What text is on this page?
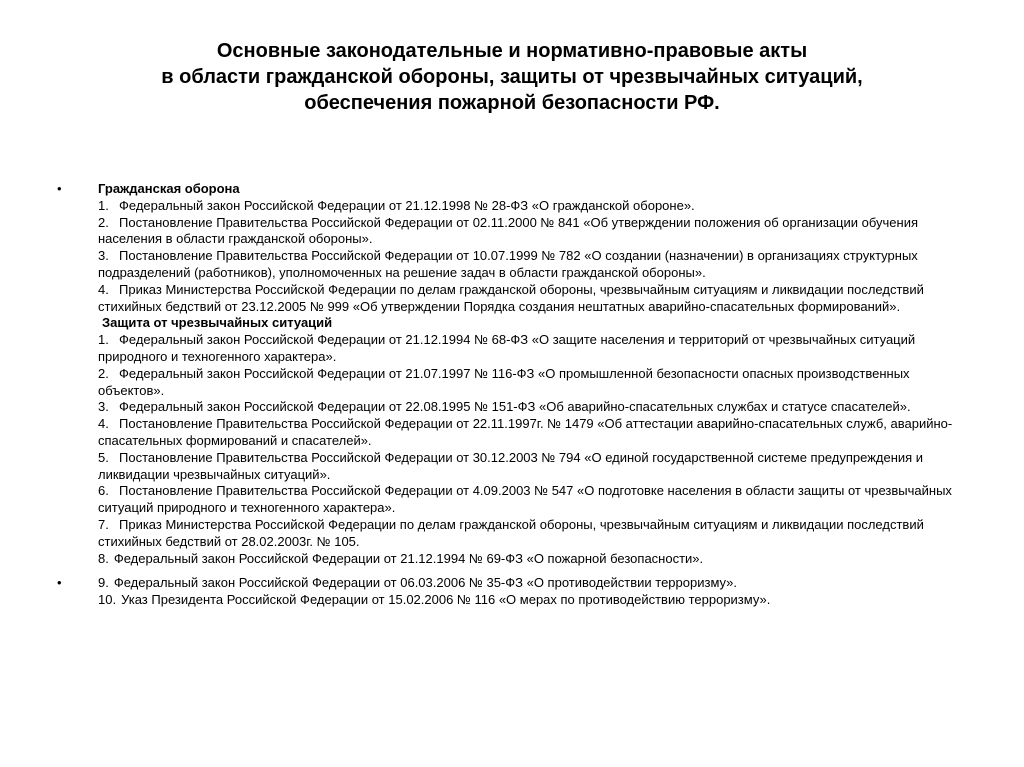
Основные законодательные и нормативно-правовые акты
в области гражданской обороны, защиты от чрезвычайных ситуаций,
обеспечения пожарной безопасности РФ.
•	Гражданская оборона
1. Федеральный закон Российской Федерации от 21.12.1998 № 28-ФЗ «О гражданской обороне».
2. Постановление Правительства Российской Федерации от 02.11.2000 № 841 «Об утверждении положения об организации обучения населения в области гражданской обороны».
3. Постановление Правительства Российской Федерации от 10.07.1999 № 782 «О создании (назначении) в организациях структурных подразделений (работников), уполномоченных на решение задач в области гражданской обороны».
4. Приказ Министерства Российской Федерации по делам гражданской обороны, чрезвычайным ситуациям и ликвидации последствий стихийных бедствий от 23.12.2005 № 999 «Об утверждении Порядка создания нештатных аварийно-спасательных формирований».
Защита от чрезвычайных ситуаций
1. Федеральный закон Российской Федерации от 21.12.1994 № 68-ФЗ «О защите населения и территорий от чрезвычайных ситуаций природного и техногенного характера».
2. Федеральный закон Российской Федерации от 21.07.1997 № 116-ФЗ «О промышленной безопасности опасных производственных объектов».
3. Федеральный закон Российской Федерации от 22.08.1995 № 151-ФЗ «Об аварийно-спасательных службах и статусе спасателей».
4. Постановление Правительства Российской Федерации от 22.11.1997г. № 1479 «Об аттестации аварийно-спасательных служб, аварийно-спасательных формирований и спасателей».
5. Постановление Правительства Российской Федерации от 30.12.2003 № 794 «О единой государственной системе предупреждения и ликвидации чрезвычайных ситуаций».
6. Постановление Правительства Российской Федерации от 4.09.2003 № 547 «О подготовке населения в области защиты от чрезвычайных ситуаций природного и техногенного характера».
7. Приказ Министерства Российской Федерации по делам гражданской обороны, чрезвычайным ситуациям и ликвидации последствий стихийных бедствий от 28.02.2003г. № 105.
8. Федеральный закон Российской Федерации от 21.12.1994 № 69-ФЗ «О пожарной безопасности».
•	9. Федеральный закон Российской Федерации от 06.03.2006 № 35-ФЗ «О противодействии терроризму».
10. Указ Президента Российской Федерации от 15.02.2006 № 116 «О мерах по противодействию терроризму».
